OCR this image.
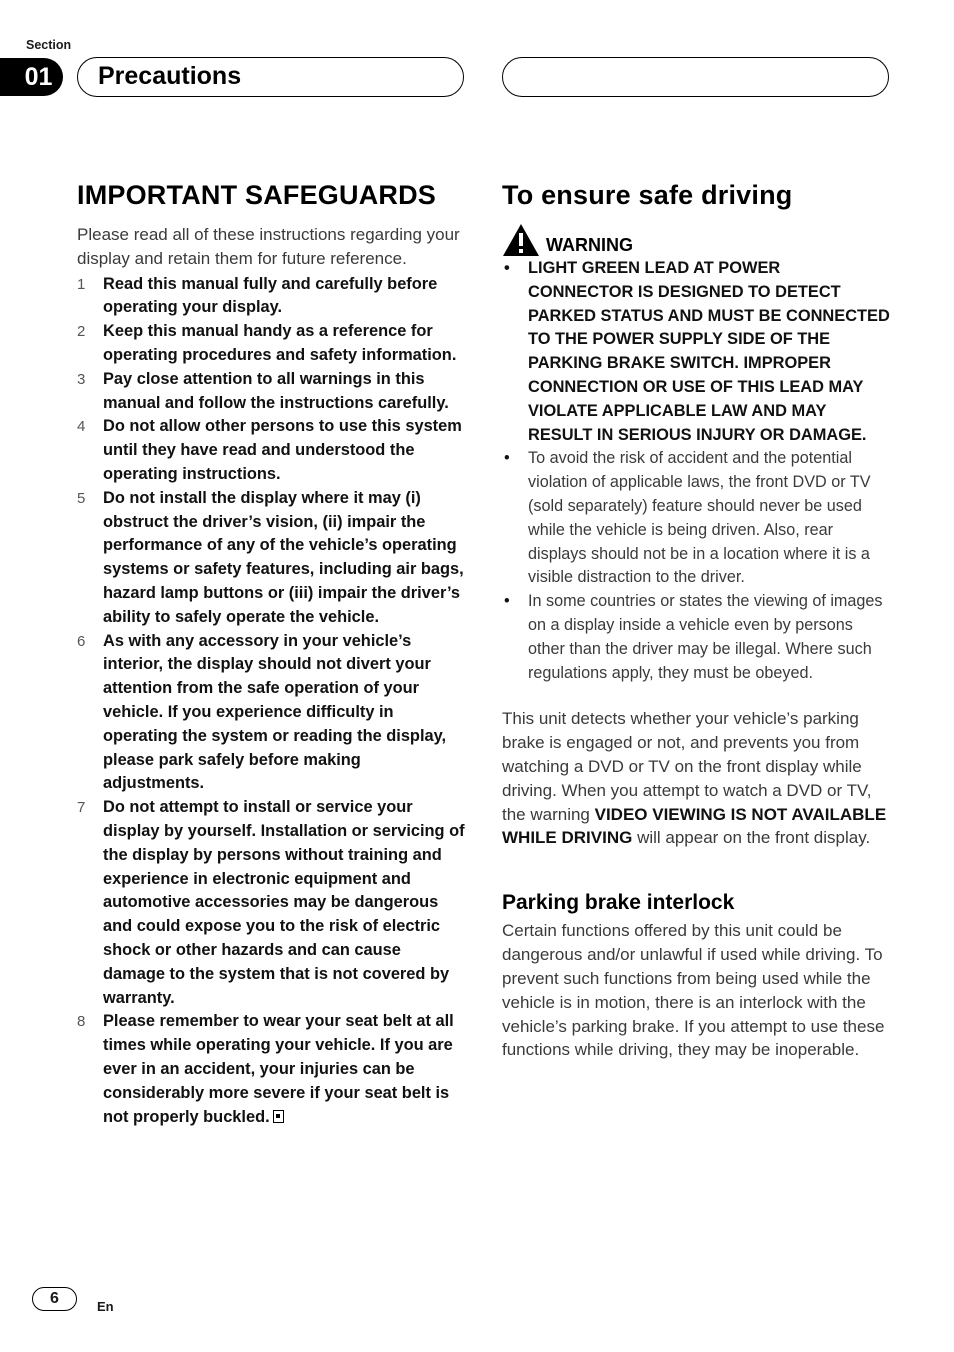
Section
01	Precautions
IMPORTANT SAFEGUARDS

Please read all of these instructions regarding your display and retain them for future reference.

1 Read this manual fully and carefully before operating your display.
2 Keep this manual handy as a reference for operating procedures and safety information.
3 Pay close attention to all warnings in this manual and follow the instructions carefully.
4 Do not allow other persons to use this system until they have read and understood the operating instructions.
5 Do not install the display where it may (i) obstruct the driver’s vision, (ii) impair the performance of any of the vehicle’s operating systems or safety features, including air bags, hazard lamp buttons or (iii) impair the driver’s ability to safely operate the vehicle.
6 As with any accessory in your vehicle’s interior, the display should not divert your attention from the safe operation of your vehicle. If you experience difficulty in operating the system or reading the display, please park safely before making adjustments.
7 Do not attempt to install or service your display by yourself. Installation or servicing of the display by persons without training and experience in electronic equipment and automotive accessories may be dangerous and could expose you to the risk of electric shock or other hazards and can cause damage to the system that is not covered by warranty.
8 Please remember to wear your seat belt at all times while operating your vehicle. If you are ever in an accident, your injuries can be considerably more severe if your seat belt is not properly buckled.
To ensure safe driving
WARNING
• LIGHT GREEN LEAD AT POWER CONNECTOR IS DESIGNED TO DETECT PARKED STATUS AND MUST BE CONNECTED TO THE POWER SUPPLY SIDE OF THE PARKING BRAKE SWITCH. IMPROPER CONNECTION OR USE OF THIS LEAD MAY VIOLATE APPLICABLE LAW AND MAY RESULT IN SERIOUS INJURY OR DAMAGE.
• To avoid the risk of accident and the potential violation of applicable laws, the front DVD or TV (sold separately) feature should never be used while the vehicle is being driven. Also, rear displays should not be in a location where it is a visible distraction to the driver.
• In some countries or states the viewing of images on a display inside a vehicle even by persons other than the driver may be illegal. Where such regulations apply, they must be obeyed.

This unit detects whether your vehicle’s parking brake is engaged or not, and prevents you from watching a DVD or TV on the front display while driving. When you attempt to watch a DVD or TV, the warning VIDEO VIEWING IS NOT AVAILABLE WHILE DRIVING will appear on the front display.

Parking brake interlock

Certain functions offered by this unit could be dangerous and/or unlawful if used while driving. To prevent such functions from being used while the vehicle is in motion, there is an interlock with the vehicle’s parking brake. If you attempt to use these functions while driving, they may be inoperable.

6	En
